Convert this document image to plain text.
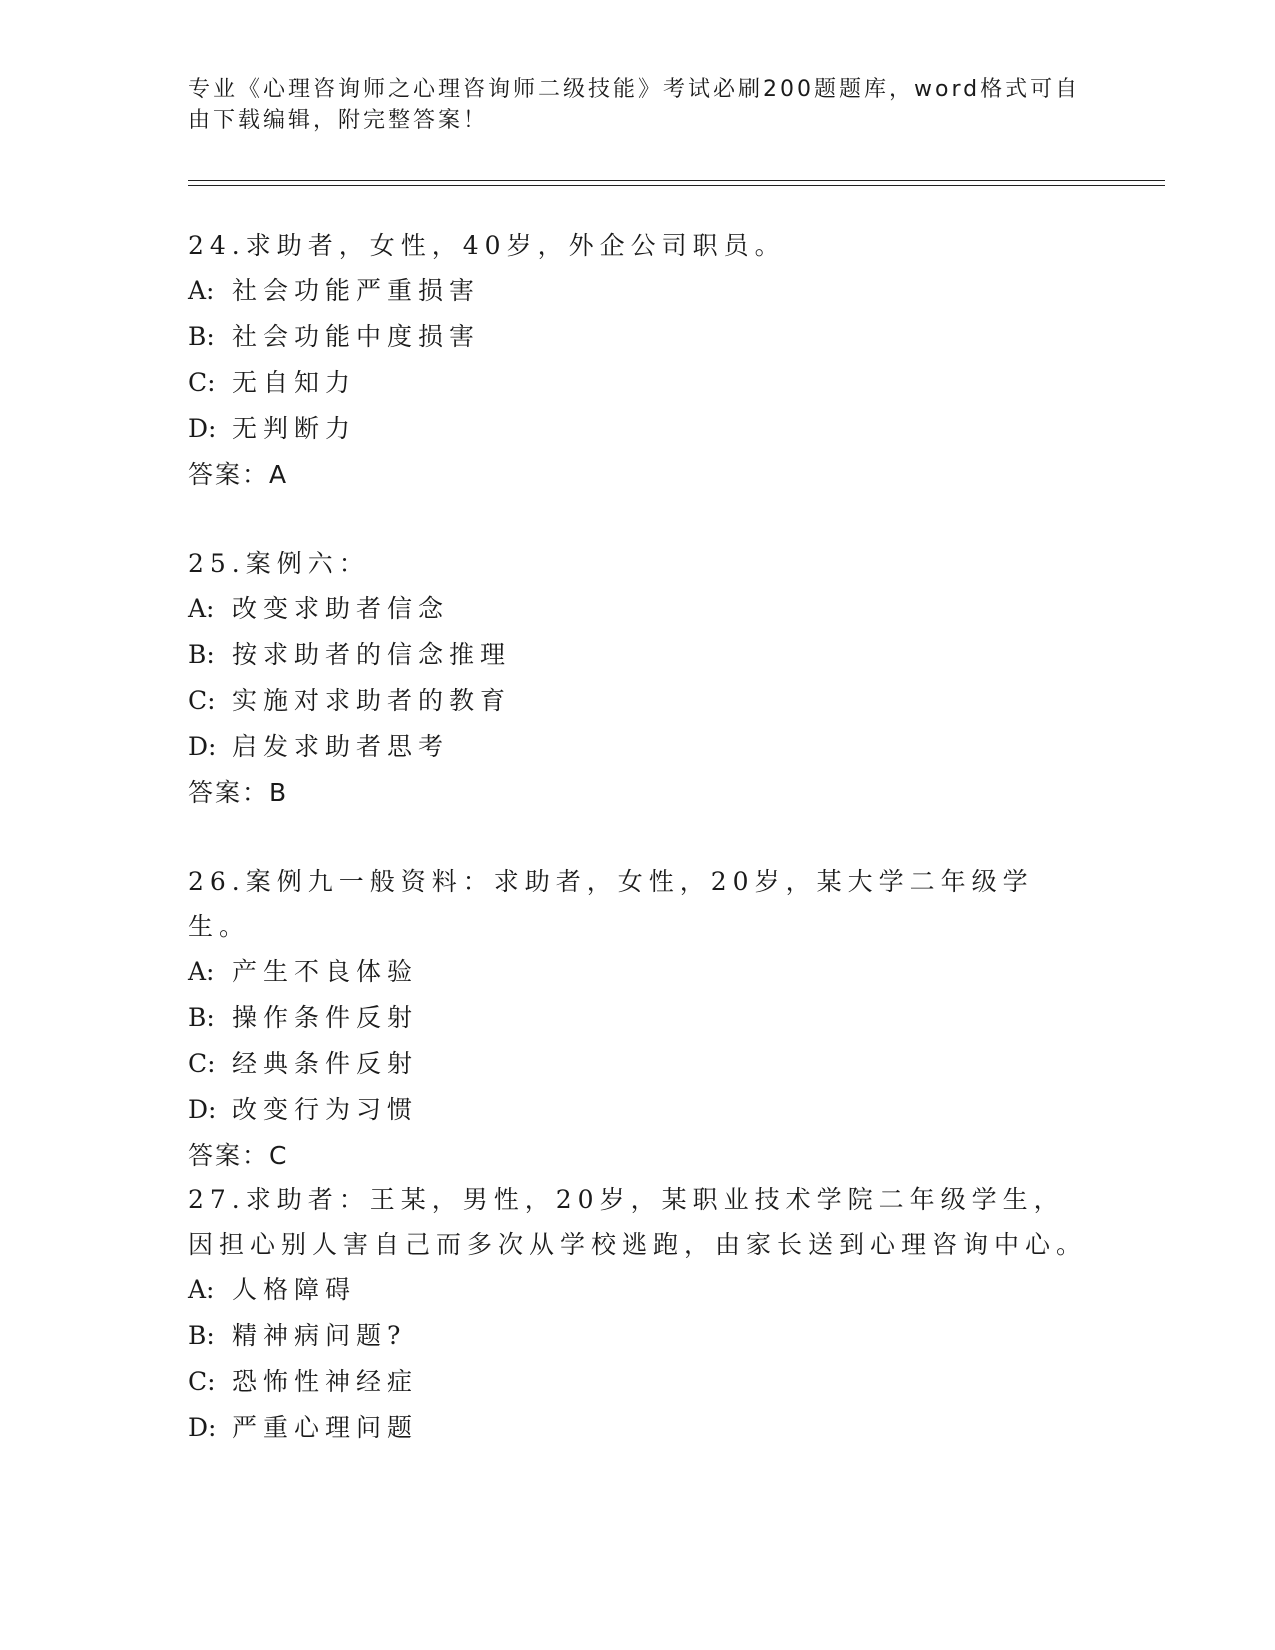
专业《心理咨询师之心理咨询师二级技能》考试必刷200题题库，word格式可自由下载编辑，附完整答案！

24.求助者，女性，40岁，外企公司职员。

A: 社会功能严重损害
B: 社会功能中度损害
C: 无自知力
D: 无判断力
答案：A

25.案例六：

A: 改变求助者信念
B: 按求助者的信念推理
C: 实施对求助者的教育
D: 启发求助者思考
答案：B

26.案例九一般资料：求助者，女性，20岁，某大学二年级学生。

A: 产生不良体验
B: 操作条件反射
C: 经典条件反射
D: 改变行为习惯
答案：C

27.求助者：王某，男性，20岁，某职业技术学院二年级学生，因担心别人害自己而多次从学校逃跑，由家长送到心理咨询中心。

A: 人格障碍
B: 精神病问题?
C: 恐怖性神经症
D: 严重心理问题
